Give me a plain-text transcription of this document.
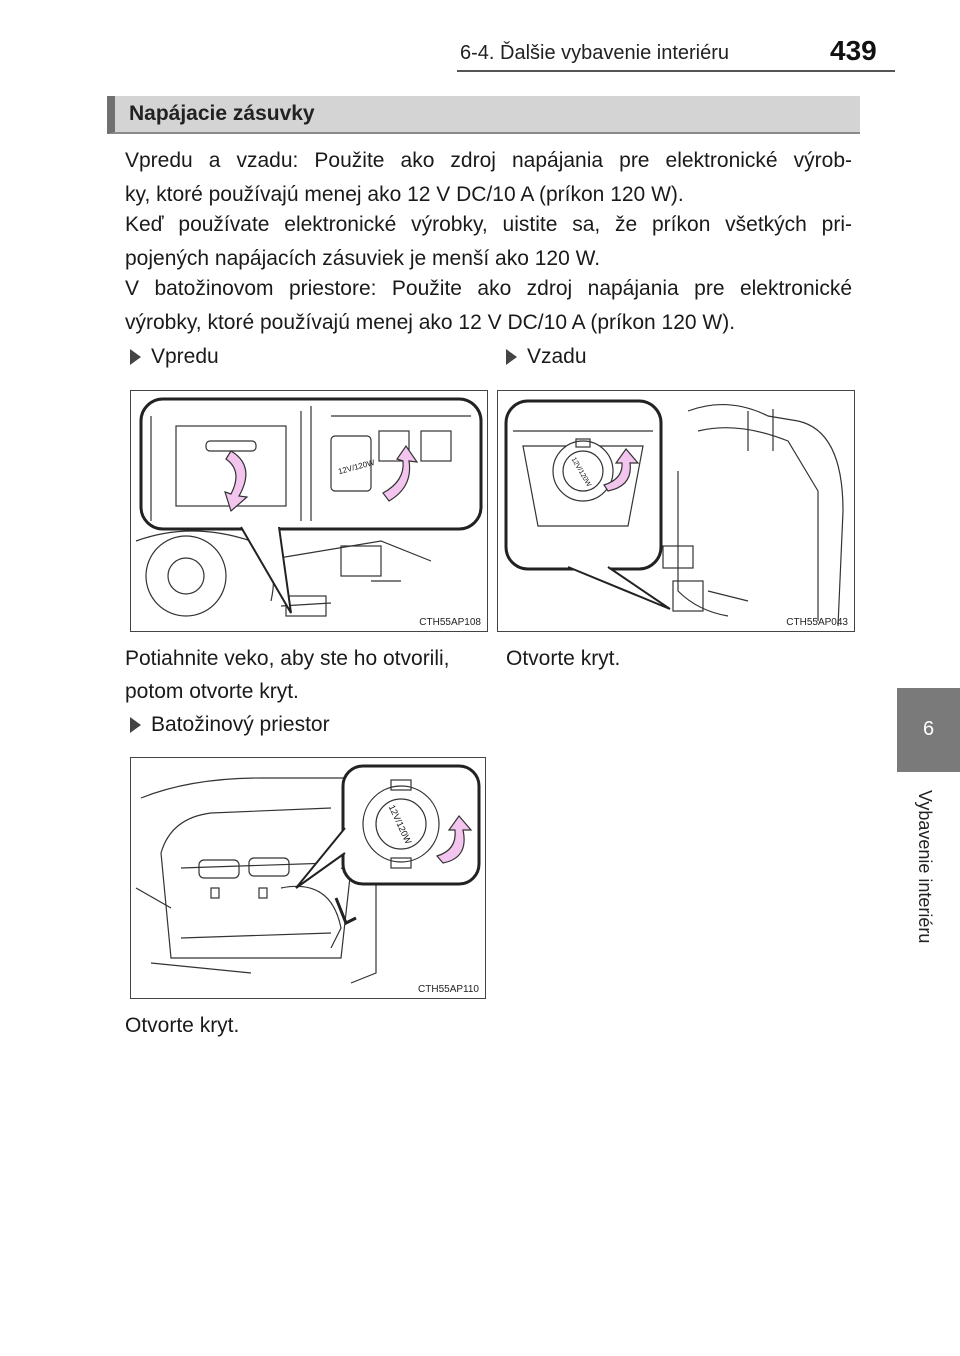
6-4. Ďalšie vybavenie interiéru	439
Napájacie zásuvky
Vpredu a vzadu: Použite ako zdroj napájania pre elektronické výrob-
ky, ktoré používajú menej ako 12 V DC/10 A (príkon 120 W).
Keď používate elektronické výrobky, uistite sa, že príkon všetkých pri-
pojených napájacích zásuviek je menší ako 120 W.
V batožinovom priestore: Použite ako zdroj napájania pre elektronické
výrobky, ktoré používajú menej ako 12 V DC/10 A (príkon 120 W).
Vpredu	Vzadu
12V/120W
CTH55AP108
12V/120W
CTH55AP043
Potiahnite veko, aby ste ho otvorili,
potom otvorte kryt.
Otvorte kryt.
Batožinový priestor
12V/120W
CTH55AP110
Otvorte kryt.
6
Vybavenie interiéru
